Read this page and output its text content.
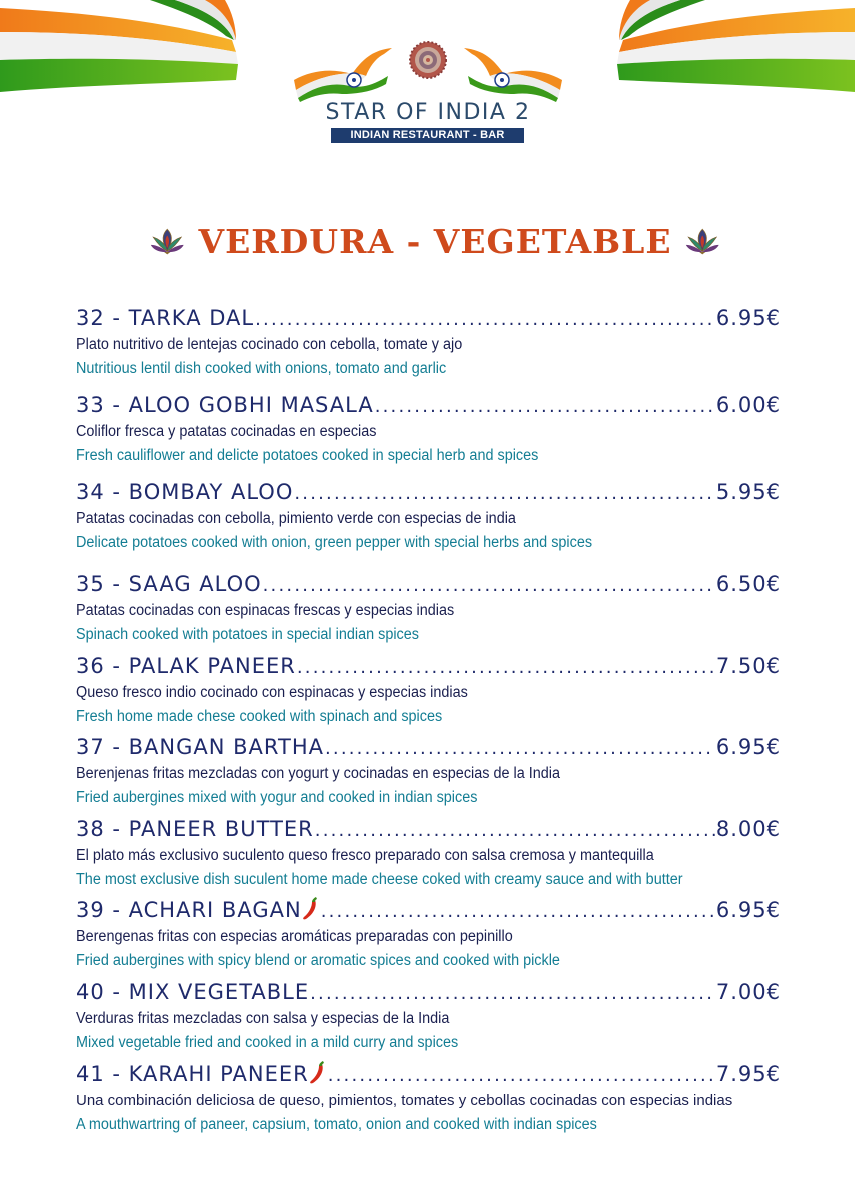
STAR OF INDIA 2
INDIAN RESTAURANT - BAR
VERDURA - VEGETABLE
32 - TARKA DAL .....	6.95€
Plato nutritivo de lentejas cocinado con cebolla, tomate y ajo
Nutritious lentil dish cooked with onions, tomato and garlic
33 - ALOO GOBHI MASALA .....	6.00€
Coliflor fresca y patatas cocinadas en especias
Fresh cauliflower and delicte potatoes cooked in special herb and spices
34 - BOMBAY ALOO .....	5.95€
Patatas cocinadas con cebolla, pimiento verde con especias de india
Delicate potatoes cooked with onion, green pepper with special herbs and spices
35 - SAAG ALOO .....	6.50€
Patatas cocinadas con espinacas frescas y especias indias
Spinach cooked with potatoes in special indian spices
36 - PALAK PANEER .....	7.50€
Queso fresco indio cocinado con espinacas y especias indias
Fresh home made chese cooked with spinach and spices
37 - BANGAN BARTHA .....	6.95€
Berenjenas fritas mezcladas con yogurt y cocinadas en especias de la India
Fried aubergines mixed with yogur and cooked in indian spices
38 - PANEER BUTTER .....	8.00€
El plato más exclusivo suculento queso fresco preparado con salsa cremosa y mantequilla
The most exclusive dish suculent home made cheese coked with creamy sauce and with butter
39 - ACHARI BAGAN .....	6.95€
Berengenas fritas con especias aromáticas preparadas con pepinillo
Fried aubergines with spicy blend or aromatic spices and cooked with pickle
40 - MIX VEGETABLE .....	7.00€
Verduras fritas mezcladas con salsa y especias de la India
Mixed vegetable fried and cooked in a mild curry and spices
41 - KARAHI PANEER .....	7.95€
Una combinación deliciosa de queso, pimientos, tomates y cebollas cocinadas con especias indias
A mouthwartring of paneer, capsium, tomato, onion and cooked with indian spices
